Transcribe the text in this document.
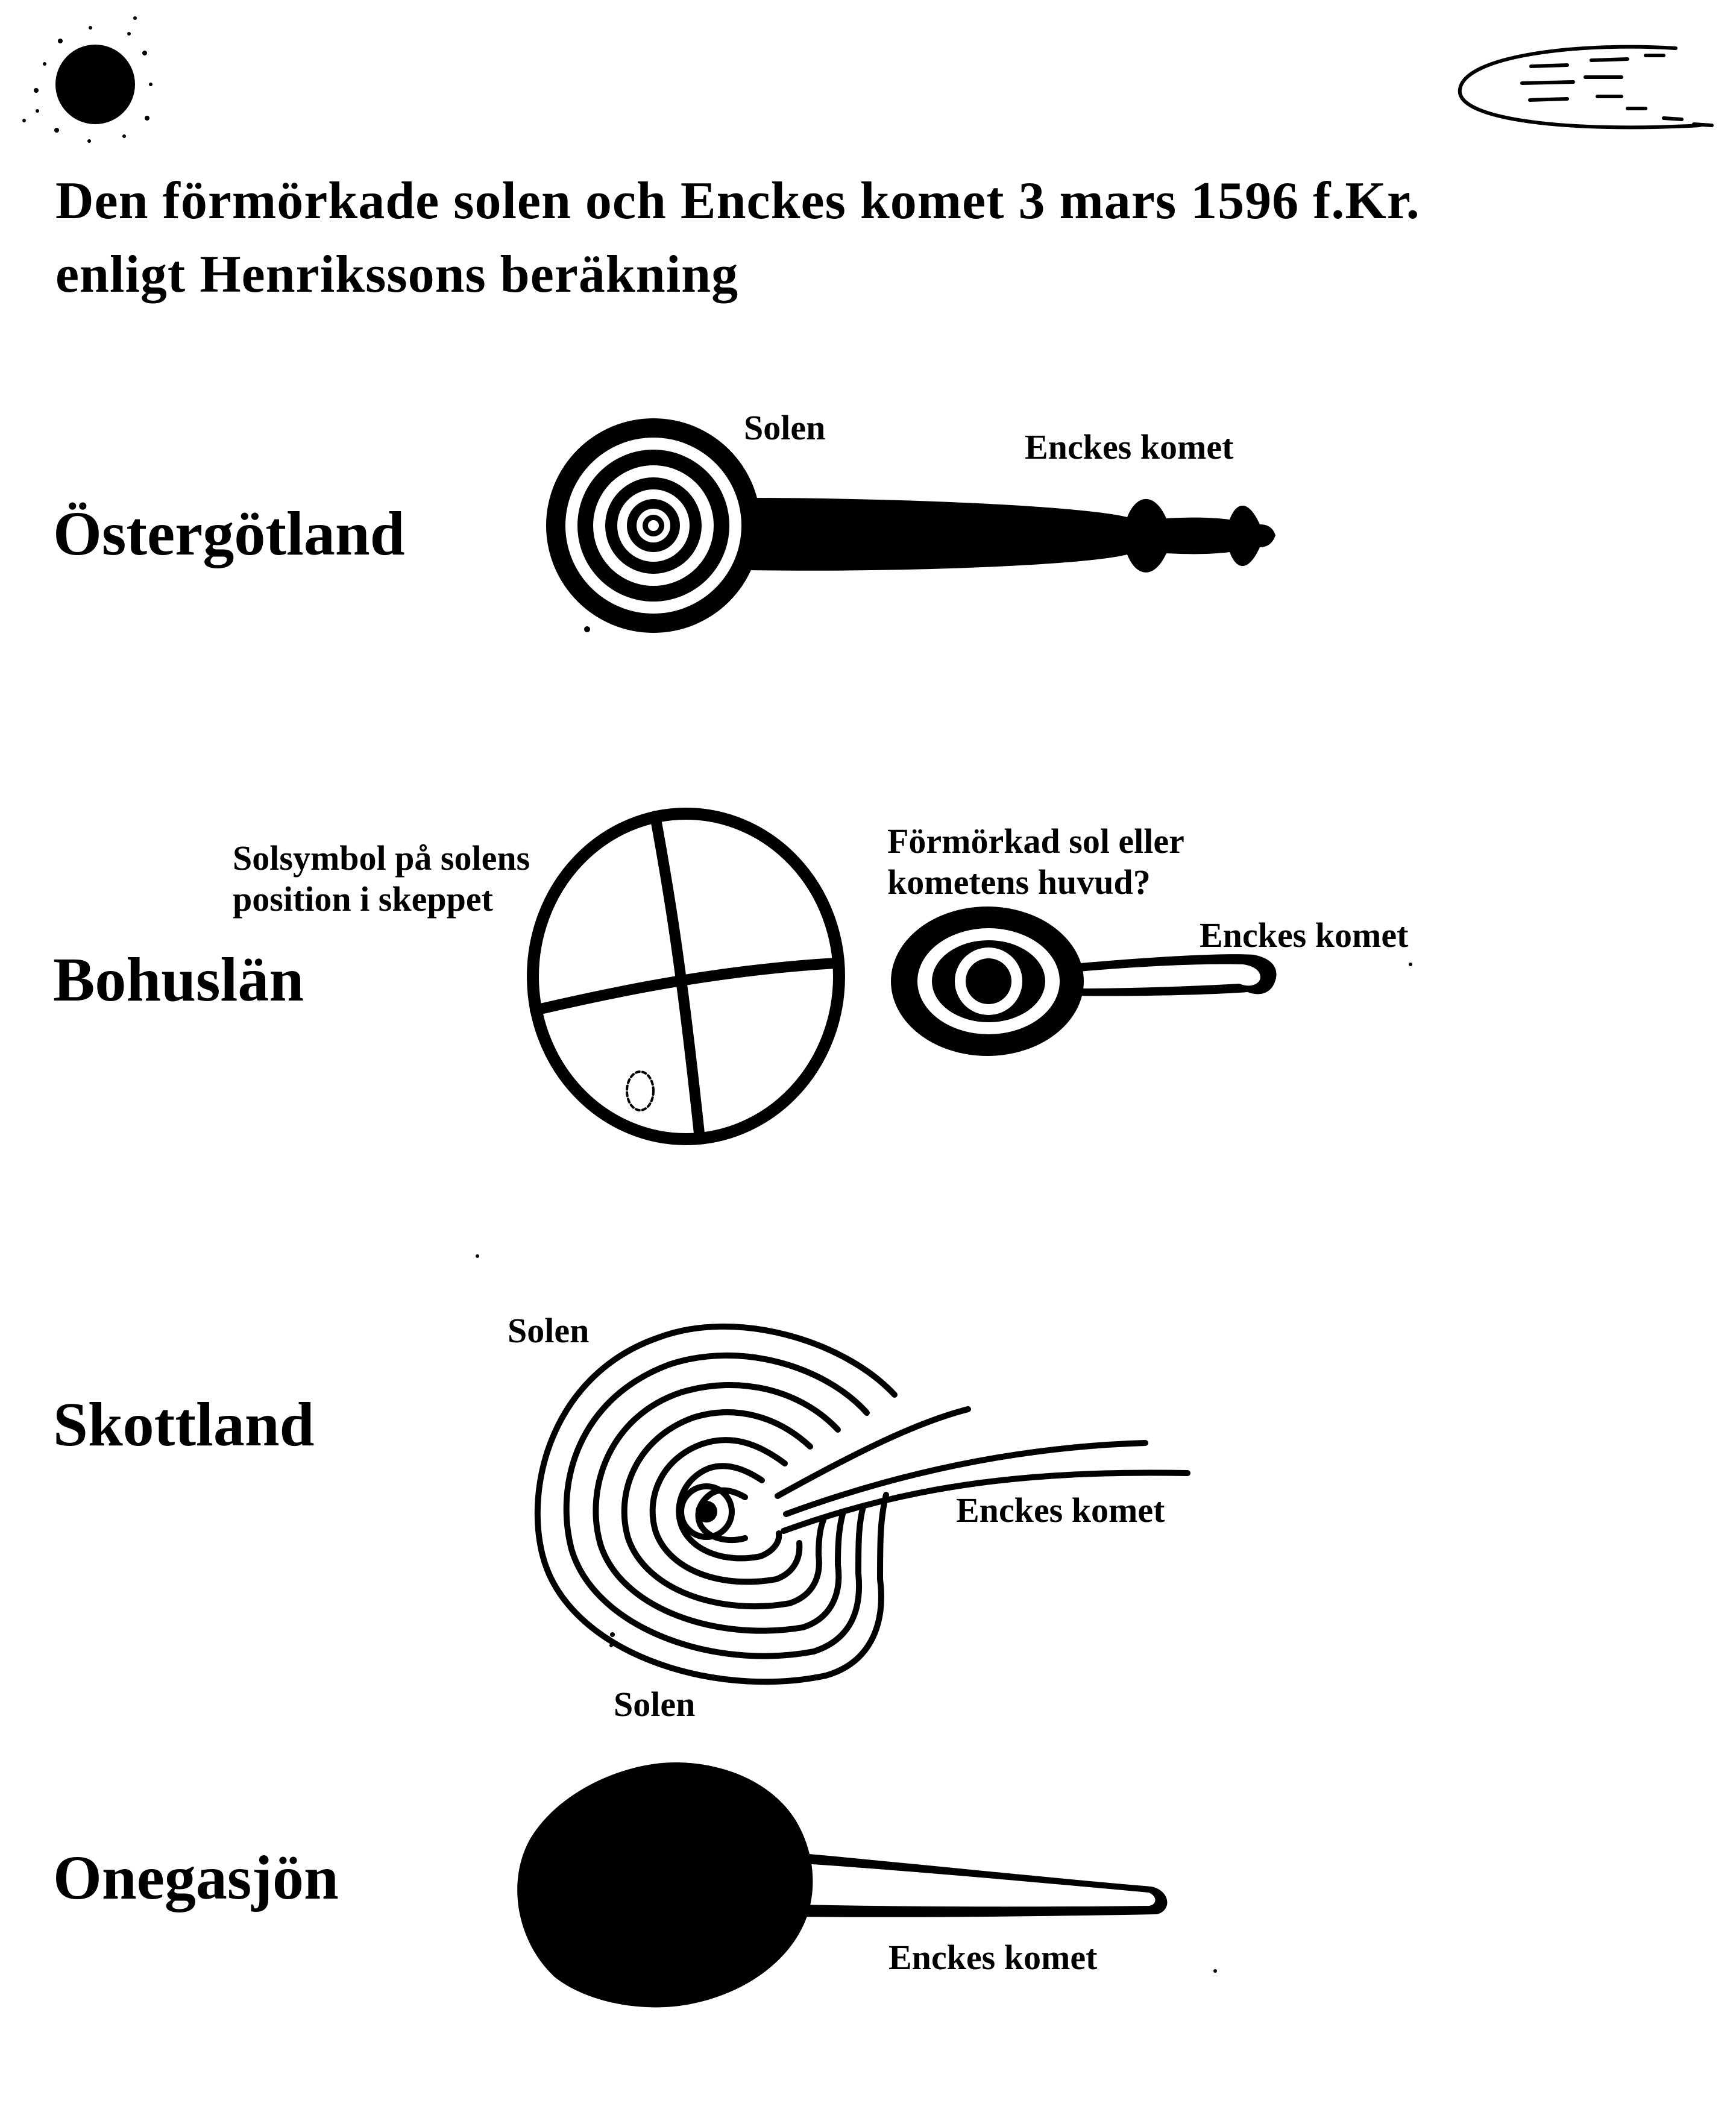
Den förmörkade solen och Enckes komet 3 mars 1596 f.Kr.
enligt Henrikssons beräkning
Östergötland
Solen	Enckes komet
Bohuslän
Solsymbol på solens
position i skeppet
Förmörkad sol eller
kometens huvud?
Enckes komet
Skottland
Solen
Enckes komet
Onegasjön
Solen
Enckes komet
